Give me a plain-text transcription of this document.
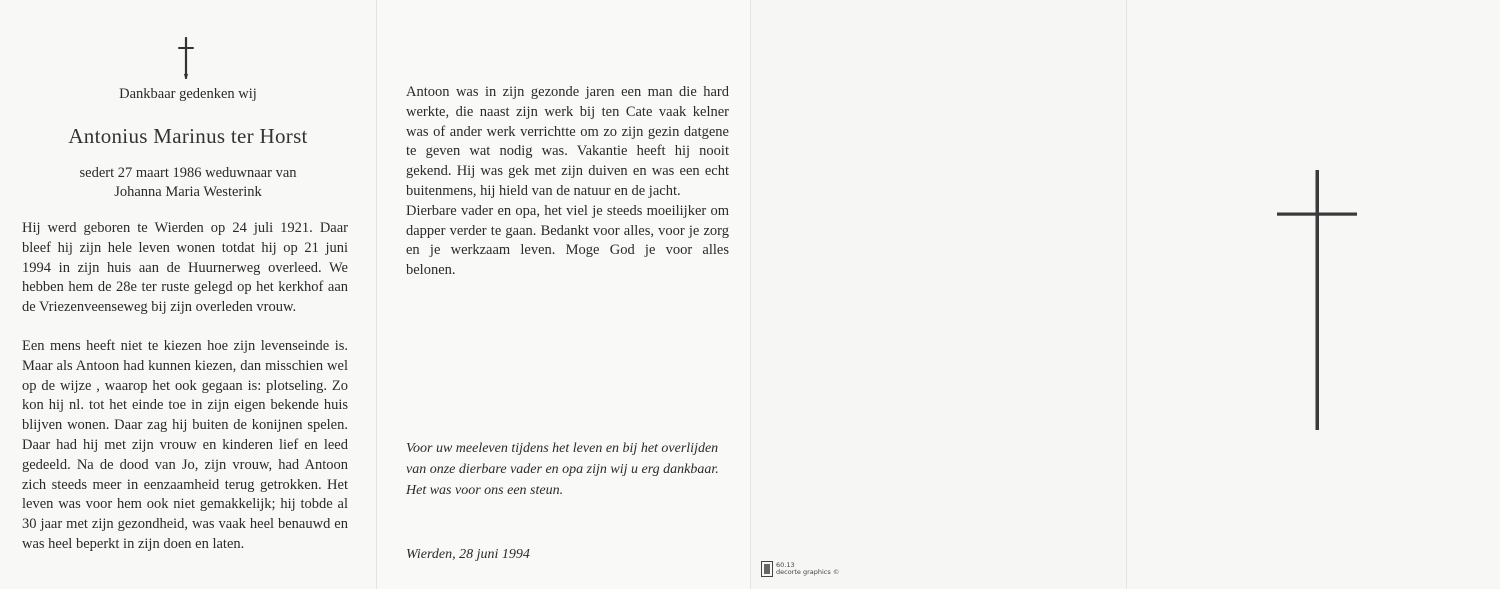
Dankbaar gedenken wij
Antonius Marinus ter Horst
sedert 27 maart 1986 weduwnaar van
Johanna Maria Westerink
Hij werd geboren te Wierden op 24 juli 1921. Daar bleef hij zijn hele leven wonen totdat hij op 21 juni 1994 in zijn huis aan de Huurnerweg overleed. We hebben hem de 28e ter ruste gelegd op het kerkhof aan de Vriezenveenseweg bij zijn overleden vrouw.
Een mens heeft niet te kiezen hoe zijn levenseinde is. Maar als Antoon had kunnen kiezen, dan misschien wel op de wijze , waarop het ook gegaan is: plotseling. Zo kon hij nl. tot het einde toe in zijn eigen bekende huis blijven wonen. Daar zag hij buiten de konijnen spelen. Daar had hij met zijn vrouw en kinderen lief en leed gedeeld. Na de dood van Jo, zijn vrouw, had Antoon zich steeds meer in eenzaamheid terug getrokken. Het leven was voor hem ook niet gemakkelijk; hij tobde al 30 jaar met zijn gezondheid, was vaak heel benauwd en was heel beperkt in zijn doen en laten.

Antoon was in zijn gezonde jaren een man die hard werkte, die naast zijn werk bij ten Cate vaak kelner was of ander werk verrichtte om zo zijn gezin datgene te geven wat nodig was. Vakantie heeft hij nooit gekend. Hij was gek met zijn duiven en was een echt buitenmens, hij hield van de natuur en de jacht.

Dierbare vader en opa, het viel je steeds moeilijker om dapper verder te gaan. Bedankt voor alles, voor je zorg en je werkzaam leven. Moge God je voor alles belonen.

Voor uw meeleven tijdens het leven en bij het overlijden van onze dierbare vader en opa zijn wij u erg dankbaar. Het was voor ons een steun.
Wierden, 28 juni 1994
60.13
decorte graphics ©
